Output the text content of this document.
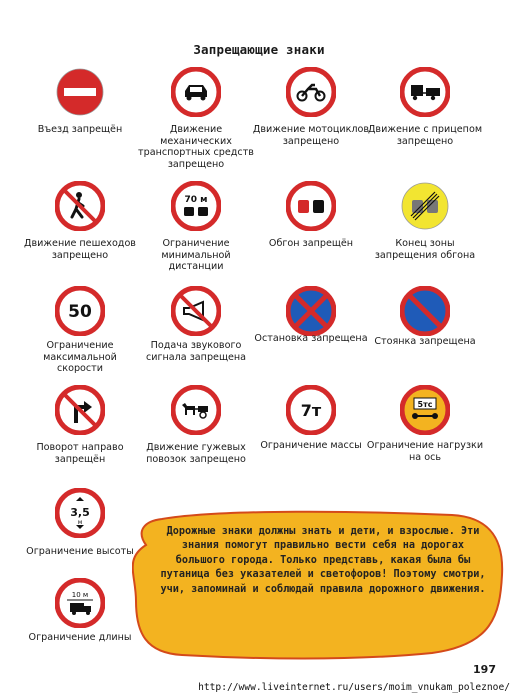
Запрещающие знаки
Въезд запрещён	Движение механических транспортных средств запрещено
Движение мотоциклов запрещено
Движение с прицепом запрещено
Движение пешеходов запрещено
70 м
Ограничение минимальной дистанции
Обгон запрещён	Конец зоны запрещения обгона
50
Ограничение максимальной скорости
Подача звукового сигнала запрещена
Остановка запрещена Стоянка запрещена
Поворот направо запрещён
Движение гужевых повозок запрещено
7т
Ограничение массы
5тс
Ограничение нагрузки на ось
3,5
м
Ограничение высоты
10 м
Ограничение длины
Дорожные знаки должны знать и дети, и взрослые. Эти знания помогут правильно вести себя на дорогах большого города. Только представь, какая была бы путаница без указателей и светофоров! Поэтому смотри, учи, запоминай и соблюдай правила дорожного движения.
197
http://www.liveinternet.ru/users/moim_vnukam_poleznoe/
